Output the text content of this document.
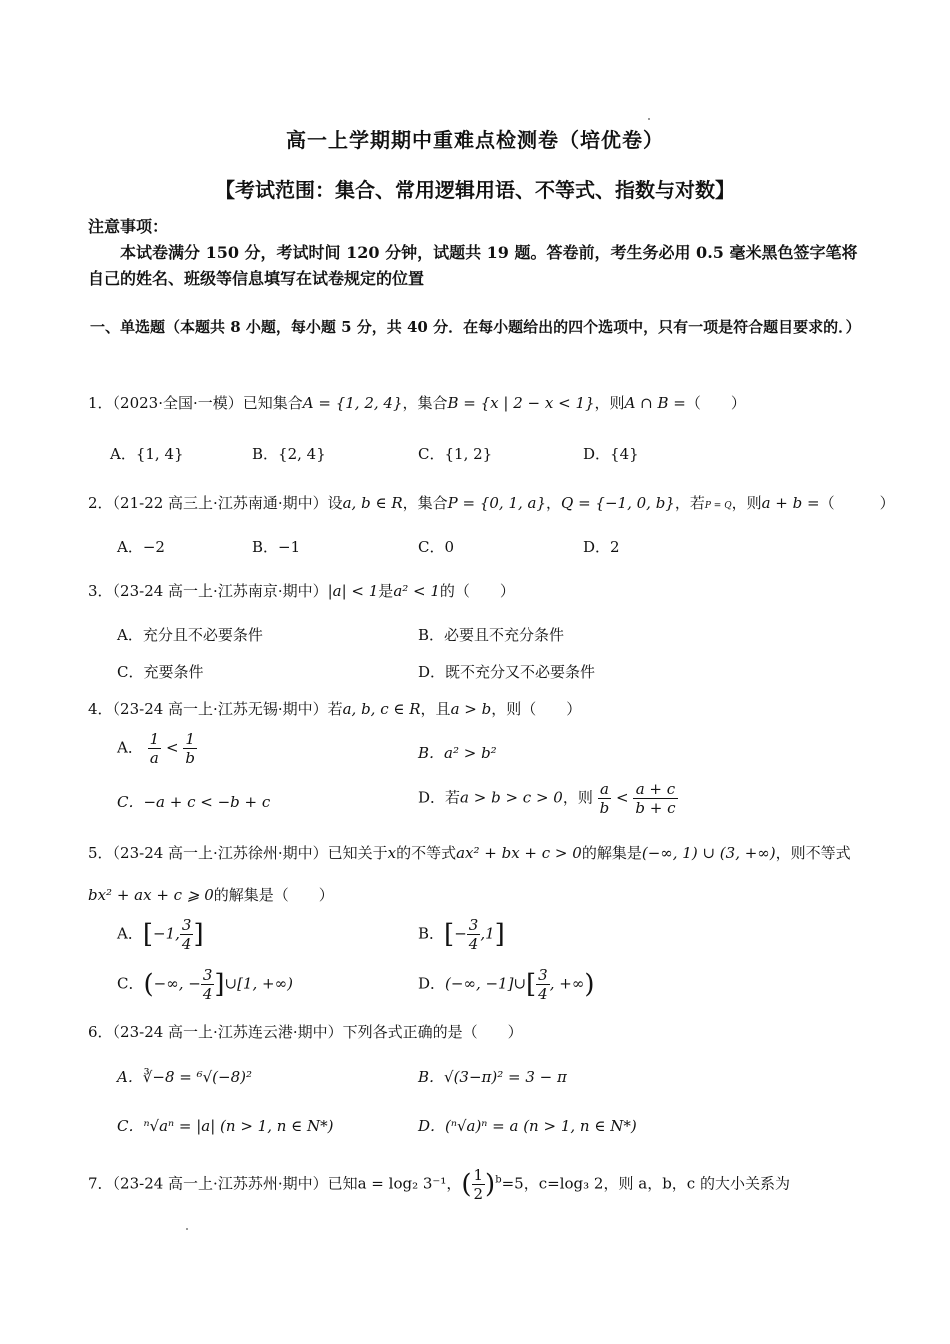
高一上学期期中重难点检测卷（培优卷）
【考试范围：集合、常用逻辑用语、不等式、指数与对数】
注意事项：
本试卷满分 150 分，考试时间 120 分钟，试题共 19 题。答卷前，考生务必用 0.5 毫米黑色签字笔将自己的姓名、班级等信息填写在试卷规定的位置
一、单选题（本题共 8 小题，每小题 5 分，共 40 分．在每小题给出的四个选项中，只有一项是符合题目要求的．）
1．（2023·全国·一模）已知集合A = {1, 2, 4}，集合B = {x | 2 − x < 1}，则A ∩ B =（　　）
A．{1, 4}	B．{2, 4}	C．{1, 2}	D．{4}
2．（21-22 高三上·江苏南通·期中）设a, b ∈ R，集合P = {0, 1, a}，Q = {−1, 0, b}，若P = Q，则a + b =（　　　）
A．−2	B．−1	C．0	D．2
3．（23-24 高一上·江苏南京·期中）|a| < 1是a² < 1的（　　）
A．充分且不必要条件	B．必要且不充分条件
C．充要条件	D．既不充分又不必要条件
4．（23-24 高一上·江苏无锡·期中）若a, b, c ∈ R，且a > b，则（　　）
A． $\frac{1}{a} < \frac{1}{b}$	B．a² > b²
C．−a + c < −b + c	D．若a > b > c > 0，则 $\frac{a}{b} < \frac{a + c}{b + c}$
5．（23-24 高一上·江苏徐州·期中）已知关于x的不等式ax² + bx + c > 0的解集是(−∞, 1) ∪ (3, +∞)，则不等式
bx² + ax + c ⩾ 0的解集是（　　）
A．[−1, $\frac{3}{4}$ ]	B．[− $\frac{3}{4} ,1$]
C．(−∞, − $\frac{3}{4}$ ]∪[1, +∞)	D．(−∞, −1]∪[ $\frac{3}{4}$ , +∞)
6．（23-24 高一上·江苏连云港·期中）下列各式正确的是（　　）
A．∛−8 = ⁶√(−8)²	B．√(3−π)² = 3 − π
C．ⁿ√aⁿ = |a| (n > 1, n ∈ N*)	D．(ⁿ√a)ⁿ = a (n > 1, n ∈ N*)
7．（23-24 高一上·江苏苏州·期中）已知a = log₂ 3⁻¹，( $\frac{1}{2} )^b=5$，c=log₃ 2，则 a，b，c 的大小关系为
